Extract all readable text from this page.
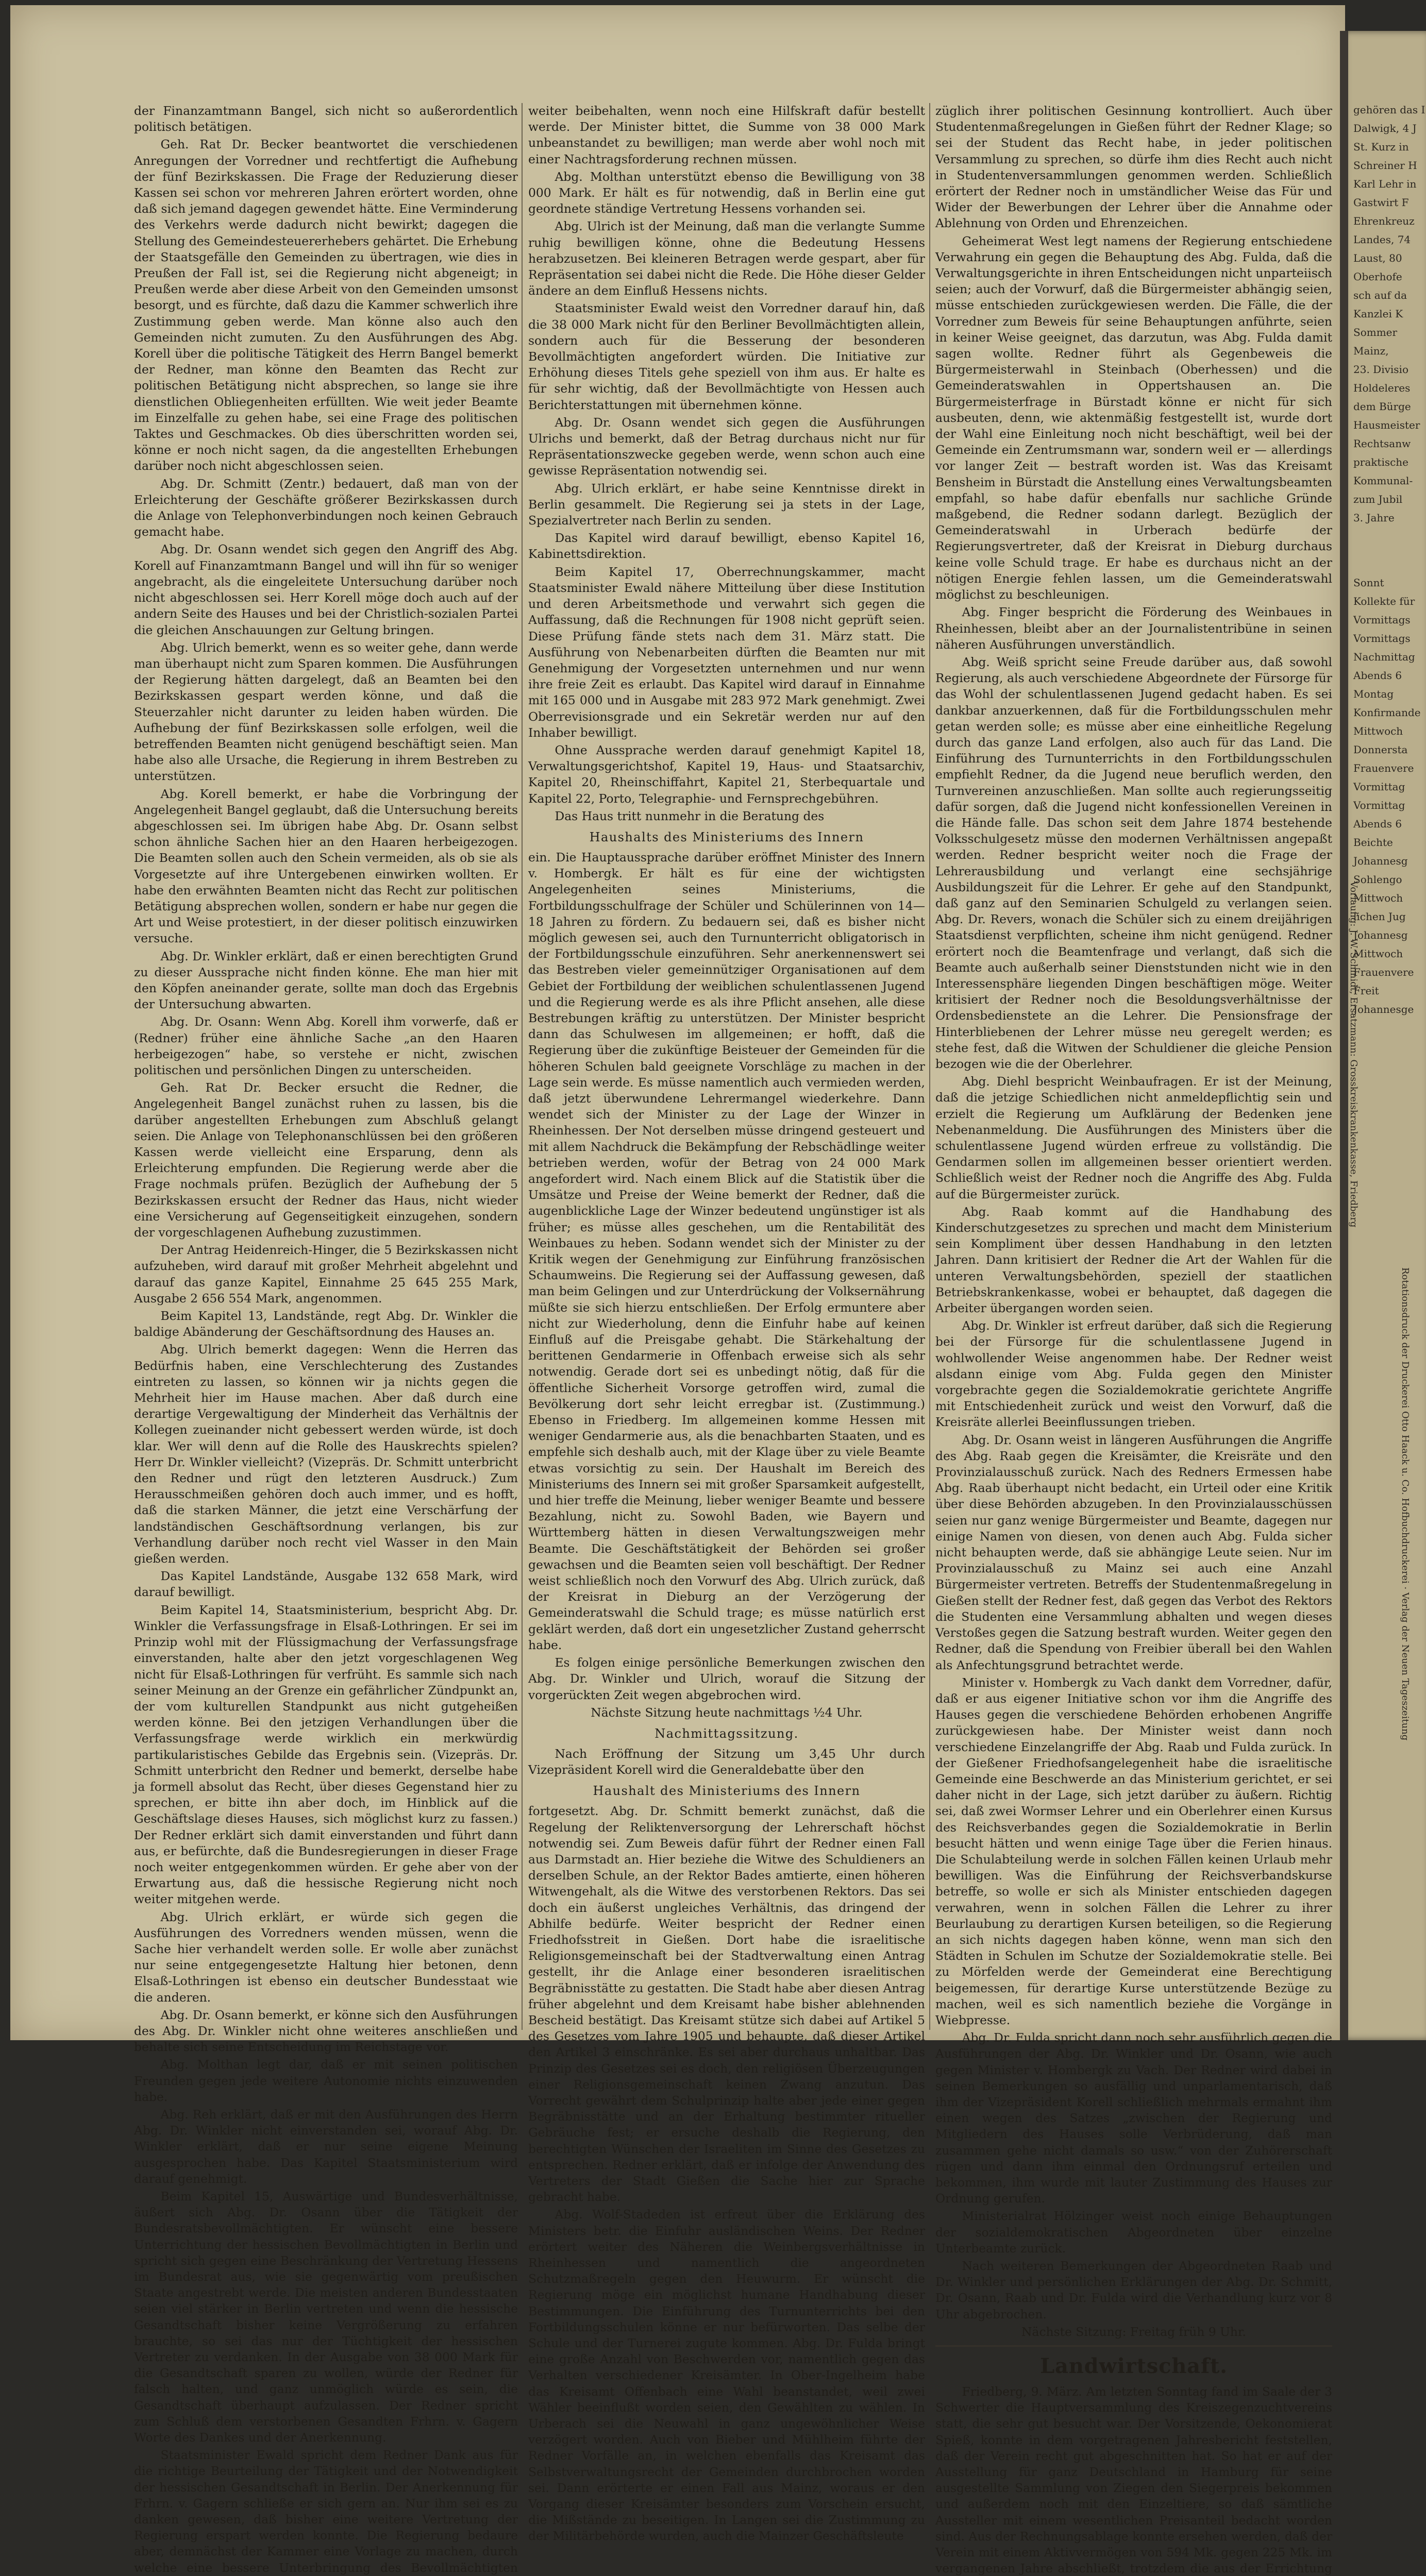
der Finanzamtmann Bangel, sich nicht so außerordentlich politisch betätigen.

Geh. Rat Dr. Becker beantwortet die verschiedenen Anregungen der Vorredner und rechtfertigt die Aufhebung der fünf Bezirkskassen. Die Frage der Reduzierung dieser Kassen sei schon vor mehreren Jahren erörtert worden, ohne daß sich jemand dagegen gewendet hätte. Eine Verminderung des Verkehrs werde dadurch nicht bewirkt; dagegen die Stellung des Gemeindesteuererhebers gehärtet. Die Erhebung der Staatsgefälle den Gemeinden zu übertragen, wie dies in Preußen der Fall ist, sei die Regierung nicht abgeneigt; in Preußen werde aber diese Arbeit von den Gemeinden umsonst besorgt, und es fürchte, daß dazu die Kammer schwerlich ihre Zustimmung geben werde. Man könne also auch den Gemeinden nicht zumuten. Zu den Ausführungen des Abg. Korell über die politische Tätigkeit des Herrn Bangel bemerkt der Redner, man könne den Beamten das Recht zur politischen Betätigung nicht absprechen, so lange sie ihre dienstlichen Obliegenheiten erfüllten. Wie weit jeder Beamte im Einzelfalle zu gehen habe, sei eine Frage des politischen Taktes und Geschmackes. Ob dies überschritten worden sei, könne er noch nicht sagen, da die angestellten Erhebungen darüber noch nicht abgeschlossen seien.

Abg. Dr. Schmitt (Zentr.) bedauert, daß man von der Erleichterung der Geschäfte größerer Bezirkskassen durch die Anlage von Telephonverbindungen noch keinen Gebrauch gemacht habe.

Abg. Dr. Osann wendet sich gegen den Angriff des Abg. Korell auf Finanzamtmann Bangel und will ihn für so weniger angebracht, als die eingeleitete Untersuchung darüber noch nicht abgeschlossen sei. Herr Korell möge doch auch auf der andern Seite des Hauses und bei der Christlich-sozialen Partei die gleichen Anschauungen zur Geltung bringen.

Abg. Ulrich bemerkt, wenn es so weiter gehe, dann werde man überhaupt nicht zum Sparen kommen. Die Ausführungen der Regierung hätten dargelegt, daß an Beamten bei den Bezirkskassen gespart werden könne, und daß die Steuerzahler nicht darunter zu leiden haben würden. Die Aufhebung der fünf Bezirkskassen solle erfolgen, weil die betreffenden Beamten nicht genügend beschäftigt seien. Man habe also alle Ursache, die Regierung in ihrem Bestreben zu unterstützen.

Abg. Korell bemerkt, er habe die Vorbringung der Angelegenheit Bangel geglaubt, daß die Untersuchung bereits abgeschlossen sei. Im übrigen habe Abg. Dr. Osann selbst schon ähnliche Sachen hier an den Haaren herbeigezogen. Die Beamten sollen auch den Schein vermeiden, als ob sie als Vorgesetzte auf ihre Untergebenen einwirken wollten. Er habe den erwähnten Beamten nicht das Recht zur politischen Betätigung absprechen wollen, sondern er habe nur gegen die Art und Weise protestiert, in der dieser politisch einzuwirken versuche.

Abg. Dr. Winkler erklärt, daß er einen berechtigten Grund zu dieser Aussprache nicht finden könne. Ehe man hier mit den Köpfen aneinander gerate, sollte man doch das Ergebnis der Untersuchung abwarten.

Abg. Dr. Osann: Wenn Abg. Korell ihm vorwerfe, daß er (Redner) früher eine ähnliche Sache „an den Haaren herbeigezogen“ habe, so verstehe er nicht, zwischen politischen und persönlichen Dingen zu unterscheiden.

Geh. Rat Dr. Becker ersucht die Redner, die Angelegenheit Bangel zunächst ruhen zu lassen, bis die darüber angestellten Erhebungen zum Abschluß gelangt seien. Die Anlage von Telephonanschlüssen bei den größeren Kassen werde vielleicht eine Ersparung, denn als Erleichterung empfunden. Die Regierung werde aber die Frage nochmals prüfen. Bezüglich der Aufhebung der 5 Bezirkskassen ersucht der Redner das Haus, nicht wieder eine Versicherung auf Gegenseitigkeit einzugehen, sondern der vorgeschlagenen Aufhebung zuzustimmen.

Der Antrag Heidenreich-Hinger, die 5 Bezirkskassen nicht aufzuheben, wird darauf mit großer Mehrheit abgelehnt und darauf das ganze Kapitel, Einnahme 25 645 255 Mark, Ausgabe 2 656 554 Mark, angenommen.

Beim Kapitel 13, Landstände, regt Abg. Dr. Winkler die baldige Abänderung der Geschäftsordnung des Hauses an.

Abg. Ulrich bemerkt dagegen: Wenn die Herren das Bedürfnis haben, eine Verschlechterung des Zustandes eintreten zu lassen, so können wir ja nichts gegen die Mehrheit hier im Hause machen. Aber daß durch eine derartige Vergewaltigung der Minderheit das Verhältnis der Kollegen zueinander nicht gebessert werden würde, ist doch klar. Wer will denn auf die Rolle des Hauskrechts spielen? Herr Dr. Winkler vielleicht? (Vizepräs. Dr. Schmitt unterbricht den Redner und rügt den letzteren Ausdruck.) Zum Herausschmeißen gehören doch auch immer, und es hofft, daß die starken Männer, die jetzt eine Verschärfung der landständischen Geschäftsordnung verlangen, bis zur Verhandlung darüber noch recht viel Wasser in den Main gießen werden.

Das Kapitel Landstände, Ausgabe 132 658 Mark, wird darauf bewilligt.

Beim Kapitel 14, Staatsministerium, bespricht Abg. Dr. Winkler die Verfassungsfrage in Elsaß-Lothringen. Er sei im Prinzip wohl mit der Flüssigmachung der Verfassungsfrage einverstanden, halte aber den jetzt vorgeschlagenen Weg nicht für Elsaß-Lothringen für verfrüht. Es sammle sich nach seiner Meinung an der Grenze ein gefährlicher Zündpunkt an, der vom kulturellen Standpunkt aus nicht gutgeheißen werden könne. Bei den jetzigen Verhandlungen über die Verfassungsfrage werde wirklich ein merkwürdig partikularistisches Gebilde das Ergebnis sein. (Vizepräs. Dr. Schmitt unterbricht den Redner und bemerkt, derselbe habe ja formell absolut das Recht, über dieses Gegenstand hier zu sprechen, er bitte ihn aber doch, im Hinblick auf die Geschäftslage dieses Hauses, sich möglichst kurz zu fassen.) Der Redner erklärt sich damit einverstanden und führt dann aus, er befürchte, daß die Bundesregierungen in dieser Frage noch weiter entgegenkommen würden. Er gehe aber von der Erwartung aus, daß die hessische Regierung nicht noch weiter mitgehen werde.

Abg. Ulrich erklärt, er würde sich gegen die Ausführungen des Vorredners wenden müssen, wenn die Sache hier verhandelt werden solle. Er wolle aber zunächst nur seine entgegengesetzte Haltung hier betonen, denn Elsaß-Lothringen ist ebenso ein deutscher Bundesstaat wie die anderen.

Abg. Dr. Osann bemerkt, er könne sich den Ausführungen des Abg. Dr. Winkler nicht ohne weiteres anschließen und behalte sich seine Entscheidung im Reichstage vor.

Abg. Molthan legt dar, daß er mit seinen politischen Freunden gegen jede weitere Autonomie nichts einzuwenden habe.

Abg. Reh erklärt, daß er mit den Ausführungen des Herrn Abg. Dr. Winkler nicht einverstanden sei, worauf Abg. Dr. Winkler erklärt, daß er nur seine eigene Meinung ausgesprochen habe. Das Kapitel Staatsministerium wird darauf genehmigt.

Beim Kapitel 15, Auswärtige und Bundesverhältnisse, äußert sich Abg. Dr. Osann über die Tätigkeit der Bundesratsbevollmächtigten. Er wünscht eine bessere Unterrichtung der hessischen Bevollmächtigten in Berlin und spricht sich gegen eine Beschränkung der Vertretung Hessens im Bundesrat aus, wie sie gegenwärtig vom preußischen Staate angestrebt werde. Die meisten anderen Bundesstaaten seien viel stärker in Berlin vertreten und wenn die hessische Gesandtschaft bisher keine Vergrößerung zu erfahren brauchte, so sei das nur der Tüchtigkeit der hessischen Vertreter zu verdanken. In der Ausgabe von 38 000 Mark für die Gesandtschaft sparen zu wollen, würde der Redner für falsch halten, und ganz unmöglich würde es sein, die Gesandtschaft überhaupt aufzulassen. Der Redner spricht zum Schluß dem verstorbenen Gesandten Frhrn. v. Gagern Worte des Dankes und der Anerkennung.

Staatsminister Ewald spricht dem Redner Dank aus für die richtige Beurteilung der Tätigkeit und der Notwendigkeit der hessischen Gesandtschaft in Berlin. Der Anerkennung für Frhrn. v. Gagern schließe er sich gern an. Nur ihm sei es zu danken gewesen, daß bisher eine weitere Vertretung der Regierung erspart werden konnte. Die Regierung bedaure aber, demnächst der Kammer eine Vorlage zu machen, durch welche eine bessere Unterbringung des Bevollmächtigten

weiter beibehalten, wenn noch eine Hilfskraft dafür bestellt werde. Der Minister bittet, die Summe von 38 000 Mark unbeanstandet zu bewilligen; man werde aber wohl noch mit einer Nachtragsforderung rechnen müssen.

Abg. Molthan unterstützt ebenso die Bewilligung von 38 000 Mark. Er hält es für notwendig, daß in Berlin eine gut geordnete ständige Vertretung Hessens vorhanden sei.

Abg. Ulrich ist der Meinung, daß man die verlangte Summe ruhig bewilligen könne, ohne die Bedeutung Hessens herabzusetzen. Bei kleineren Betragen werde gespart, aber für Repräsentation sei dabei nicht die Rede. Die Höhe dieser Gelder ändere an dem Einfluß Hessens nichts.

Staatsminister Ewald weist den Vorredner darauf hin, daß die 38 000 Mark nicht für den Berliner Bevollmächtigten allein, sondern auch für die Besserung der besonderen Bevollmächtigten angefordert würden. Die Initiative zur Erhöhung dieses Titels gehe speziell von ihm aus. Er halte es für sehr wichtig, daß der Bevollmächtigte von Hessen auch Berichterstattungen mit übernehmen könne.

Abg. Dr. Osann wendet sich gegen die Ausführungen Ulrichs und bemerkt, daß der Betrag durchaus nicht nur für Repräsentationszwecke gegeben werde, wenn schon auch eine gewisse Repräsentation notwendig sei.

Abg. Ulrich erklärt, er habe seine Kenntnisse direkt in Berlin gesammelt. Die Regierung sei ja stets in der Lage, Spezialvertreter nach Berlin zu senden.

Das Kapitel wird darauf bewilligt, ebenso Kapitel 16, Kabinettsdirektion.

Beim Kapitel 17, Oberrechnungskammer, macht Staatsminister Ewald nähere Mitteilung über diese Institution und deren Arbeitsmethode und verwahrt sich gegen die Auffassung, daß die Rechnungen für 1908 nicht geprüft seien. Diese Prüfung fände stets nach dem 31. März statt. Die Ausführung von Nebenarbeiten dürften die Beamten nur mit Genehmigung der Vorgesetzten unternehmen und nur wenn ihre freie Zeit es erlaubt. Das Kapitel wird darauf in Einnahme mit 165 000 und in Ausgabe mit 283 972 Mark genehmigt. Zwei Oberrevisionsgrade und ein Sekretär werden nur auf den Inhaber bewilligt.

Ohne Aussprache werden darauf genehmigt Kapitel 18, Verwaltungsgerichtshof, Kapitel 19, Haus- und Staatsarchiv, Kapitel 20, Rheinschiffahrt, Kapitel 21, Sterbequartale und Kapitel 22, Porto, Telegraphie- und Fernsprechgebühren.

Das Haus tritt nunmehr in die Beratung des

Haushalts des Ministeriums des Innern

ein. Die Hauptaussprache darüber eröffnet Minister des Innern v. Hombergk. Er hält es für eine der wichtigsten Angelegenheiten seines Ministeriums, die Fortbildungsschulfrage der Schüler und Schülerinnen von 14—18 Jahren zu fördern. Zu bedauern sei, daß es bisher nicht möglich gewesen sei, auch den Turnunterricht obligatorisch in der Fortbildungsschule einzuführen. Sehr anerkennenswert sei das Bestreben vieler gemeinnütziger Organisationen auf dem Gebiet der Fortbildung der weiblichen schulentlassenen Jugend und die Regierung werde es als ihre Pflicht ansehen, alle diese Bestrebungen kräftig zu unterstützen. Der Minister bespricht dann das Schulwesen im allgemeinen; er hofft, daß die Regierung über die zukünftige Beisteuer der Gemeinden für die höheren Schulen bald geeignete Vorschläge zu machen in der Lage sein werde. Es müsse namentlich auch vermieden werden, daß jetzt überwundene Lehrermangel wiederkehre. Dann wendet sich der Minister zu der Lage der Winzer in Rheinhessen. Der Not derselben müsse dringend gesteuert und mit allem Nachdruck die Bekämpfung der Rebschädlinge weiter betrieben werden, wofür der Betrag von 24 000 Mark angefordert wird. Nach einem Blick auf die Statistik über die Umsätze und Preise der Weine bemerkt der Redner, daß die augenblickliche Lage der Winzer bedeutend ungünstiger ist als früher; es müsse alles geschehen, um die Rentabilität des Weinbaues zu heben. Sodann wendet sich der Minister zu der Kritik wegen der Genehmigung zur Einführung französischen Schaumweins. Die Regierung sei der Auffassung gewesen, daß man beim Gelingen und zur Unterdrückung der Volksernährung müßte sie sich hierzu entschließen. Der Erfolg ermuntere aber nicht zur Wiederholung, denn die Einfuhr habe auf keinen Einfluß auf die Preisgabe gehabt. Die Stärkehaltung der berittenen Gendarmerie in Offenbach erweise sich als sehr notwendig. Gerade dort sei es unbedingt nötig, daß für die öffentliche Sicherheit Vorsorge getroffen wird, zumal die Bevölkerung dort sehr leicht erregbar ist. (Zustimmung.) Ebenso in Friedberg. Im allgemeinen komme Hessen mit weniger Gendarmerie aus, als die benachbarten Staaten, und es empfehle sich deshalb auch, mit der Klage über zu viele Beamte etwas vorsichtig zu sein. Der Haushalt im Bereich des Ministeriums des Innern sei mit großer Sparsamkeit aufgestellt, und hier treffe die Meinung, lieber weniger Beamte und bessere Bezahlung, nicht zu. Sowohl Baden, wie Bayern und Württemberg hätten in diesen Verwaltungszweigen mehr Beamte. Die Geschäftstätigkeit der Behörden sei großer gewachsen und die Beamten seien voll beschäftigt. Der Redner weist schließlich noch den Vorwurf des Abg. Ulrich zurück, daß der Kreisrat in Dieburg an der Verzögerung der Gemeinderatswahl die Schuld trage; es müsse natürlich erst geklärt werden, daß dort ein ungesetzlicher Zustand geherrscht habe.

Es folgen einige persönliche Bemerkungen zwischen den Abg. Dr. Winkler und Ulrich, worauf die Sitzung der vorgerückten Zeit wegen abgebrochen wird.

Nächste Sitzung heute nachmittags ½4 Uhr.

Nachmittagssitzung.

Nach Eröffnung der Sitzung um 3,45 Uhr durch Vizepräsident Korell wird die Generaldebatte über den

Haushalt des Ministeriums des Innern

fortgesetzt. Abg. Dr. Schmitt bemerkt zunächst, daß die Regelung der Reliktenversorgung der Lehrerschaft höchst notwendig sei. Zum Beweis dafür führt der Redner einen Fall aus Darmstadt an. Hier beziehe die Witwe des Schuldieners an derselben Schule, an der Rektor Bades amtierte, einen höheren Witwengehalt, als die Witwe des verstorbenen Rektors. Das sei doch ein äußerst ungleiches Verhältnis, das dringend der Abhilfe bedürfe. Weiter bespricht der Redner einen Friedhofsstreit in Gießen. Dort habe die israelitische Religionsgemeinschaft bei der Stadtverwaltung einen Antrag gestellt, ihr die Anlage einer besonderen israelitischen Begräbnisstätte zu gestatten. Die Stadt habe aber diesen Antrag früher abgelehnt und dem Kreisamt habe bisher ablehnenden Bescheid bestätigt. Das Kreisamt stütze sich dabei auf Artikel 5 des Gesetzes vom Jahre 1905 und behaupte, daß dieser Artikel den Artikel 3 einschränke. Es sei aber durchaus unhaltbar. Das Prinzip des Gesetzes sei es doch, den religiösen Überzeugungen einer Religionsgemeinschaft keinen Zwang anzutun. Das Vorrecht gewährt dem Schulprinzip halte aber jede einer gegen Begräbnisstätte und an der Erhaltung bestimmter ritueller Gebräuche fest; er ersuche deshalb die Regierung, den berechtigten Wünschen der Israeliten im Sinne des Gesetzes zu entsprechen. Redner erklärt, daß er infolge der Anwendung des Vertreters der Stadt Gießen die Sache hier zur Sprache gebracht habe.

Abg. Wolf-Stadeden ist erfreut über die Erklärung des Ministers betr. die Einfuhr ausländischen Weins. Der Redner erörtert weiter des Näheren die Weinbergsverhältnisse in Rheinhessen und namentlich die angeordneten Schutzmaßregeln gegen den Heuwurm. Er wünscht die Regierung möge ein möglichst humane Handhabung dieser Bestimmungen. Die Einführung des Turnunterrichts bei den Fortbildungsschulen könne er nur befürworten. Das selbe der Schule und der Turnerei zugute kommen. Abg. Dr. Fulda bringt eine große Anzahl von Beschwerden vor, namentlich gegen das Verhalten verschiedener Kreisämter. In Ober-Ingelheim habe das Kreisamt Offenbach eine Wahl beanstandet, weil zwei Wähler beeinflußt worden seien, den Gewählten zu wählen. In Urberach sei die Neuwahl in ganz ungewöhnlicher Weise verzögert worden. Auch von Bieber und Mühlheim führte der Redner Vorfälle an, in welchen ebenfalls das Kreisamt das Selbstverwaltungsrecht der Gemeinden durchbrochen worden sei. Dann erörterte er einen Fall aus Mainz, woraus er den Vorgang dieser Kreisämter besonders zum Vorschein ersucht, die Mißstände zu beseitigen. In Langen sei die Zustimmung zu der Militärbehörde wurden, auch die Mainzer Geschäftsleute

züglich ihrer politischen Gesinnung kontrolliert. Auch über Studentenmaßregelungen in Gießen führt der Redner Klage; so sei der Student das Recht habe, in jeder politischen Versammlung zu sprechen, so dürfe ihm dies Recht auch nicht in Studentenversammlungen genommen werden. Schließlich erörtert der Redner noch in umständlicher Weise das Für und Wider der Bewerbungen der Lehrer über die Annahme oder Ablehnung von Orden und Ehrenzeichen.

Geheimerat West legt namens der Regierung entschiedene Verwahrung ein gegen die Behauptung des Abg. Fulda, daß die Verwaltungsgerichte in ihren Entscheidungen nicht unparteiisch seien; auch der Vorwurf, daß die Bürgermeister abhängig seien, müsse entschieden zurückgewiesen werden. Die Fälle, die der Vorredner zum Beweis für seine Behauptungen anführte, seien in keiner Weise geeignet, das darzutun, was Abg. Fulda damit sagen wollte. Redner führt als Gegenbeweis die Bürgermeisterwahl in Steinbach (Oberhessen) und die Gemeinderatswahlen in Oppertshausen an. Die Bürgermeisterfrage in Bürstadt könne er nicht für sich ausbeuten, denn, wie aktenmäßig festgestellt ist, wurde dort der Wahl eine Einleitung noch nicht beschäftigt, weil bei der Gemeinde ein Zentrumsmann war, sondern weil er — allerdings vor langer Zeit — bestraft worden ist. Was das Kreisamt Bensheim in Bürstadt die Anstellung eines Verwaltungsbeamten empfahl, so habe dafür ebenfalls nur sachliche Gründe maßgebend, die Redner sodann darlegt. Bezüglich der Gemeinderatswahl in Urberach bedürfe der Regierungsvertreter, daß der Kreisrat in Dieburg durchaus keine volle Schuld trage. Er habe es durchaus nicht an der nötigen Energie fehlen lassen, um die Gemeinderatswahl möglichst zu beschleunigen.

Abg. Finger bespricht die Förderung des Weinbaues in Rheinhessen, bleibt aber an der Journalistentribüne in seinen näheren Ausführungen unverständlich.

Abg. Weiß spricht seine Freude darüber aus, daß sowohl Regierung, als auch verschiedene Abgeordnete der Fürsorge für das Wohl der schulentlassenen Jugend gedacht haben. Es sei dankbar anzuerkennen, daß für die Fortbildungsschulen mehr getan werden solle; es müsse aber eine einheitliche Regelung durch das ganze Land erfolgen, also auch für das Land. Die Einführung des Turnunterrichts in den Fortbildungsschulen empfiehlt Redner, da die Jugend neue beruflich werden, den Turnvereinen anzuschließen. Man sollte auch regierungsseitig dafür sorgen, daß die Jugend nicht konfessionellen Vereinen in die Hände falle. Das schon seit dem Jahre 1874 bestehende Volksschulgesetz müsse den modernen Verhältnissen angepaßt werden. Redner bespricht weiter noch die Frage der Lehrerausbildung und verlangt eine sechsjährige Ausbildungszeit für die Lehrer. Er gehe auf den Standpunkt, daß ganz auf den Seminarien Schulgeld zu verlangen seien. Abg. Dr. Revers, wonach die Schüler sich zu einem dreijährigen Staatsdienst verpflichten, scheine ihm nicht genügend. Redner erörtert noch die Beamtenfrage und verlangt, daß sich die Beamte auch außerhalb seiner Dienststunden nicht wie in den Interessensphäre liegenden Dingen beschäftigen möge. Weiter kritisiert der Redner noch die Besoldungsverhältnisse der Ordensbedienstete an die Lehrer. Die Pensionsfrage der Hinterbliebenen der Lehrer müsse neu geregelt werden; es stehe fest, daß die Witwen der Schuldiener die gleiche Pension bezogen wie die der Oberlehrer.

Abg. Diehl bespricht Weinbaufragen. Er ist der Meinung, daß die jetzige Schiedlichen nicht anmeldepflichtig sein und erzielt die Regierung um Aufklärung der Bedenken jene Nebenanmeldung. Die Ausführungen des Ministers über die schulentlassene Jugend würden erfreue zu vollständig. Die Gendarmen sollen im allgemeinen besser orientiert werden. Schließlich weist der Redner noch die Angriffe des Abg. Fulda auf die Bürgermeister zurück.

Abg. Raab kommt auf die Handhabung des Kinderschutzgesetzes zu sprechen und macht dem Ministerium sein Kompliment über dessen Handhabung in den letzten Jahren. Dann kritisiert der Redner die Art der Wahlen für die unteren Verwaltungsbehörden, speziell der staatlichen Betriebskrankenkasse, wobei er behauptet, daß dagegen die Arbeiter übergangen worden seien.

Abg. Dr. Winkler ist erfreut darüber, daß sich die Regierung bei der Fürsorge für die schulentlassene Jugend in wohlwollender Weise angenommen habe. Der Redner weist alsdann einige vom Abg. Fulda gegen den Minister vorgebrachte gegen die Sozialdemokratie gerichtete Angriffe mit Entschiedenheit zurück und weist den Vorwurf, daß die Kreisräte allerlei Beeinflussungen trieben.

Abg. Dr. Osann weist in längeren Ausführungen die Angriffe des Abg. Raab gegen die Kreisämter, die Kreisräte und den Provinzialausschuß zurück. Nach des Redners Ermessen habe Abg. Raab überhaupt nicht bedacht, ein Urteil oder eine Kritik über diese Behörden abzugeben. In den Provinzialausschüssen seien nur ganz wenige Bürgermeister und Beamte, dagegen nur einige Namen von diesen, von denen auch Abg. Fulda sicher nicht behaupten werde, daß sie abhängige Leute seien. Nur im Provinzialausschuß zu Mainz sei auch eine Anzahl Bürgermeister vertreten. Betreffs der Studentenmaßregelung in Gießen stellt der Redner fest, daß gegen das Verbot des Rektors die Studenten eine Versammlung abhalten und wegen dieses Verstoßes gegen die Satzung bestraft wurden. Weiter gegen den Redner, daß die Spendung von Freibier überall bei den Wahlen als Anfechtungsgrund betrachtet werde.

Minister v. Hombergk zu Vach dankt dem Vorredner, dafür, daß er aus eigener Initiative schon vor ihm die Angriffe des Hauses gegen die verschiedene Behörden erhobenen Angriffe zurückgewiesen habe. Der Minister weist dann noch verschiedene Einzelangriffe der Abg. Raab und Fulda zurück. In der Gießener Friedhofsangelegenheit habe die israelitische Gemeinde eine Beschwerde an das Ministerium gerichtet, er sei daher nicht in der Lage, sich jetzt darüber zu äußern. Richtig sei, daß zwei Wormser Lehrer und ein Oberlehrer einen Kursus des Reichsverbandes gegen die Sozialdemokratie in Berlin besucht hätten und wenn einige Tage über die Ferien hinaus. Die Schulabteilung werde in solchen Fällen keinen Urlaub mehr bewilligen. Was die Einführung der Reichsverbandskurse betreffe, so wolle er sich als Minister entschieden dagegen verwahren, wenn in solchen Fällen die Lehrer zu ihrer Beurlaubung zu derartigen Kursen beteiligen, so die Regierung an sich nichts dagegen haben könne, wenn man sich den Städten in Schulen im Schutze der Sozialdemokratie stelle. Bei zu Mörfelden werde der Gemeinderat eine Berechtigung beigemessen, für derartige Kurse unterstützende Bezüge zu machen, weil es sich namentlich beziehe die Vorgänge in Wiebpresse.

Abg. Dr. Fulda spricht dann noch sehr ausführlich gegen die Ausführungen der Abg. Dr. Winkler und Dr. Osann, wie auch gegen Minister v. Hombergk zu Vach. Der Redner wird dabei in seinen Bemerkungen so ausfällig und unparlamentarisch, daß ihm der Vizepräsident Korell schließlich mehrmals ermahnt ihm einen wegen des Satzes „zwischen der Regierung und Mitgliedern des Hauses solle Verbrüderung, daß man zusammen gehe nicht damals so usw.“ von der Zuhörerschaft rügen und dann ihm einmal den Ordnungsruf erteilen und bekommen, ihm wurde mit lauter Zustimmung des Hauses zur Ordnung gerufen.

Ministerialrat Hölzinger weist noch einige Behauptungen der sozialdemokratischen Abgeordneten über einzelne Unterbeamte zurück.

Nach weiteren Bemerkungen der Abgeordneten Raab und Dr. Winkler und persönlichen Erklärungen der Abg. Dr. Schmitt, Dr. Osann, Raab und Dr. Fulda wird die Verhandlung kurz vor 8 Uhr abgebrochen.

Nächste Sitzung: Freitag früh 9 Uhr.

Landwirtschaft.

Friedberg, 9. März. Am letzten Sonntag fand im Saale der 3 Schwerter die Hauptversammlung des Kreiszegenzuchtvereins statt, die sehr gut besucht war. Der Vorsitzende, Oekonomierat Spieß, konnte in dem vorgetragenen Jahresbericht feststellen, daß der Verein recht gut abgeschnitten hat. So hat er auf der Ausstellung für ganz Deutschland in Hamburg für seine ausgestellte Sammlung von Ziegen den Siegerpreis bekommen und außerdem noch mit den Einzeltiere, so daß sämtliche Aussteller mit einem wesentlichen Preisanteil bedacht worden sind. Aus der Rechnungsablage konnte ersehen werden, daß der Verein mit einem Aktivvermögen von 594 Mk. gegen 225 Mk. im vergangenen Jahre abschließt, trotzdem die aus der Errichtung

gehören das I
Dalwigk, 4 J
St. Kurz in
Schreiner H
Karl Lehr in
Gastwirt F
Ehrenkreuz
Landes, 74
Laust, 80
Oberhofe
sch auf da
Kanzlei K
Sommer
Mainz,
23. Divisio
Holdeleres
dem Bürge
Hausmeister
Rechtsanw
praktische
Kommunal-
zum Jubil
3. Jahre
Sonnt
Kollekte für
Vormittags
Vormittags
Nachmittag
Abends 6
Montag
Konfirmande
Mittwoch
Donnersta
Frauenvere
Vormittag
Vormittag
Abends 6
Beichte
Johannesg
Sohlengo
Mittwoch
lichen Jug
Johannesg
Mittwoch
Frauenvere
Freit
Johannesge
Vorlaufig: J. W. Schmidt, Ersatzmann: Grosskreiskrankenkasse, Friedberg
Rotationsdruck der Druckerei Otto Haack u. Co. Hofbuchdruckerei · Verlag der Neuen Tageszeitung
